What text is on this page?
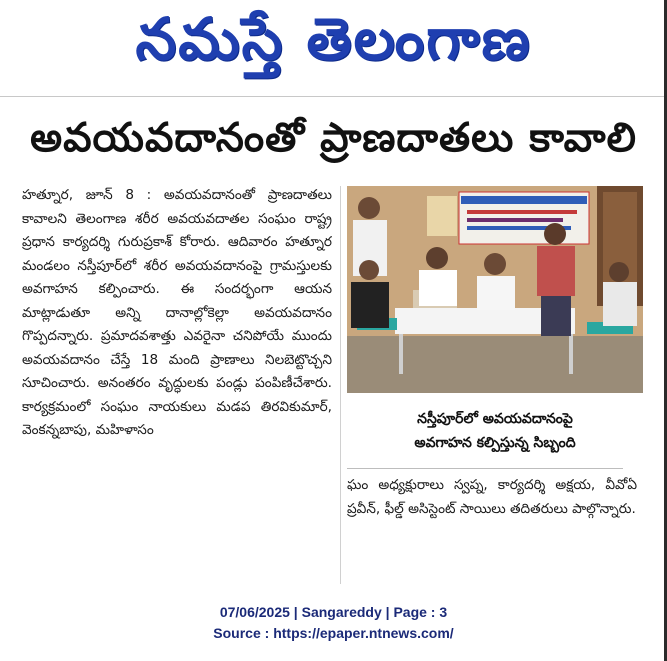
నమస్తే తెలంగాణ
అవయవదానంతో ప్రాణదాతలు కావాలి

హత్నూర, జూన్ 8 : అవయవదానంతో ప్రాణదాతలు కావాలని తెలంగాణ శరీర అవయవదాతల సంఘం రాష్ట్ర ప్రధాన కార్యదర్శి గురుప్రకాశ్ కోరారు. ఆదివారం హత్నూర మండలం నస్తీపూర్‌లో శరీర అవయవదానంపై గ్రామస్తులకు అవగాహన కల్పించారు. ఈ సందర్భంగా ఆయన మాట్లాడుతూ అన్ని దానాల్లోకెల్లా అవయవదానం గొప్పదన్నారు. ప్రమాదవశాత్తు ఎవరైనా చనిపోయే ముందు అవయవదానం చేస్తే 18 మంది ప్రాణాలు నిలబెట్టొచ్చని సూచించారు. అనంతరం వృద్ధులకు పండ్లు పంపిణీచేశారు. కార్యక్రమంలో సంఘం నాయకులు మడప తిరవికుమార్, వెంకన్నబాపు, మహిళాసం

నస్తీపూర్‌లో అవయవదానంపై
అవగాహన కల్పిస్తున్న సిబ్బంది
ఘం అధ్యక్షురాలు స్వప్న, కార్యదర్శి అక్షయ, వీవోఏ ప్రవీన్, ఫీల్డ్ అసిస్టెంట్ సాయిలు తదితరులు పాల్గొన్నారు.
07/06/2025 | Sangareddy | Page : 3
Source : https://epaper.ntnews.com/
